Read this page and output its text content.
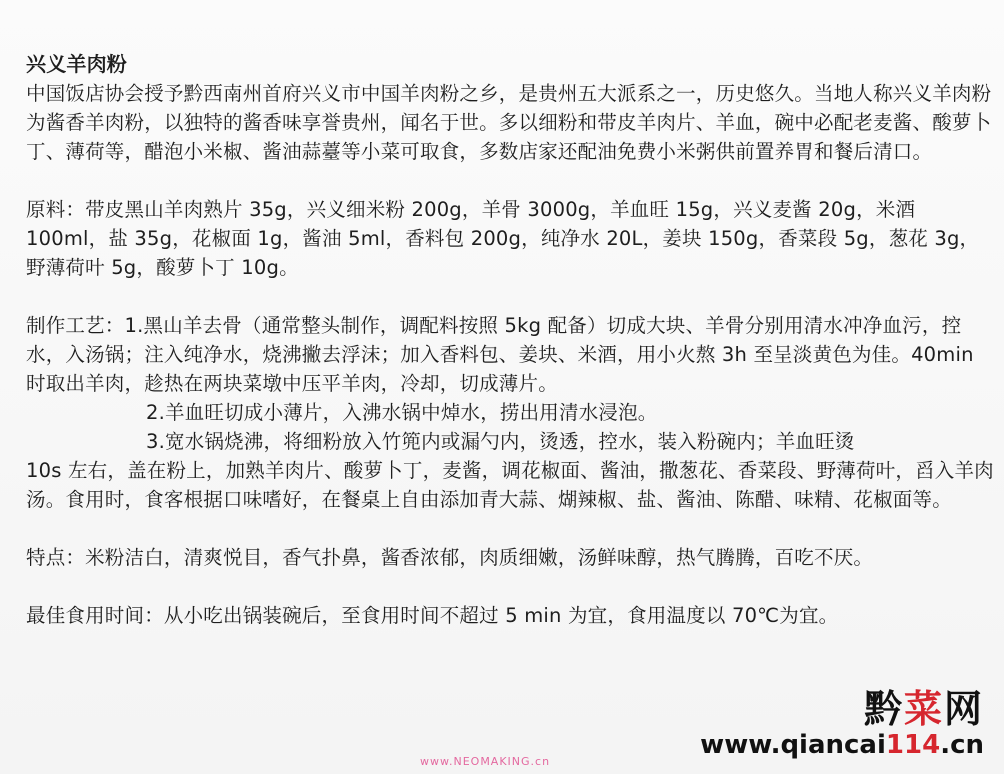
兴义羊肉粉

中国饭店协会授予黔西南州首府兴义市中国羊肉粉之乡，是贵州五大派系之一，历史悠久。当地人称兴义羊肉粉为酱香羊肉粉，以独特的酱香味享誉贵州，闻名于世。多以细粉和带皮羊肉片、羊血，碗中必配老麦酱、酸萝卜丁、薄荷等，醋泡小米椒、酱油蒜薹等小菜可取食，多数店家还配油免费小米粥供前置养胃和餐后清口。

原料：带皮黑山羊肉熟片 35g，兴义细米粉 200g，羊骨 3000g，羊血旺 15g，兴义麦酱 20g，米酒 100ml，盐 35g，花椒面 1g，酱油 5ml，香料包 200g，纯净水 20L，姜块 150g，香菜段 5g，葱花 3g，野薄荷叶 5g，酸萝卜丁 10g。

制作工艺：1.黑山羊去骨（通常整头制作，调配料按照 5kg 配备）切成大块、羊骨分别用清水冲净血污，控水，入汤锅；注入纯净水，烧沸撇去浮沫；加入香料包、姜块、米酒，用小火熬 3h 至呈淡黄色为佳。40min 时取出羊肉，趁热在两块菜墩中压平羊肉，冷却，切成薄片。

2.羊血旺切成小薄片，入沸水锅中焯水，捞出用清水浸泡。

3.宽水锅烧沸，将细粉放入竹篼内或漏勺内，烫透，控水，装入粉碗内；羊血旺烫

10s 左右，盖在粉上，加熟羊肉片、酸萝卜丁，麦酱，调花椒面、酱油，撒葱花、香菜段、野薄荷叶，舀入羊肉汤。食用时，食客根据口味嗜好，在餐桌上自由添加青大蒜、煳辣椒、盐、酱油、陈醋、味精、花椒面等。

特点：米粉洁白，清爽悦目，香气扑鼻，酱香浓郁，肉质细嫩，汤鲜味醇，热气腾腾，百吃不厌。

最佳食用时间：从小吃出锅装碗后，至食用时间不超过 5 min 为宜，食用温度以 70℃为宜。

黔菜网
www.qiancai114.cn
www.NEOMAKING.cn
